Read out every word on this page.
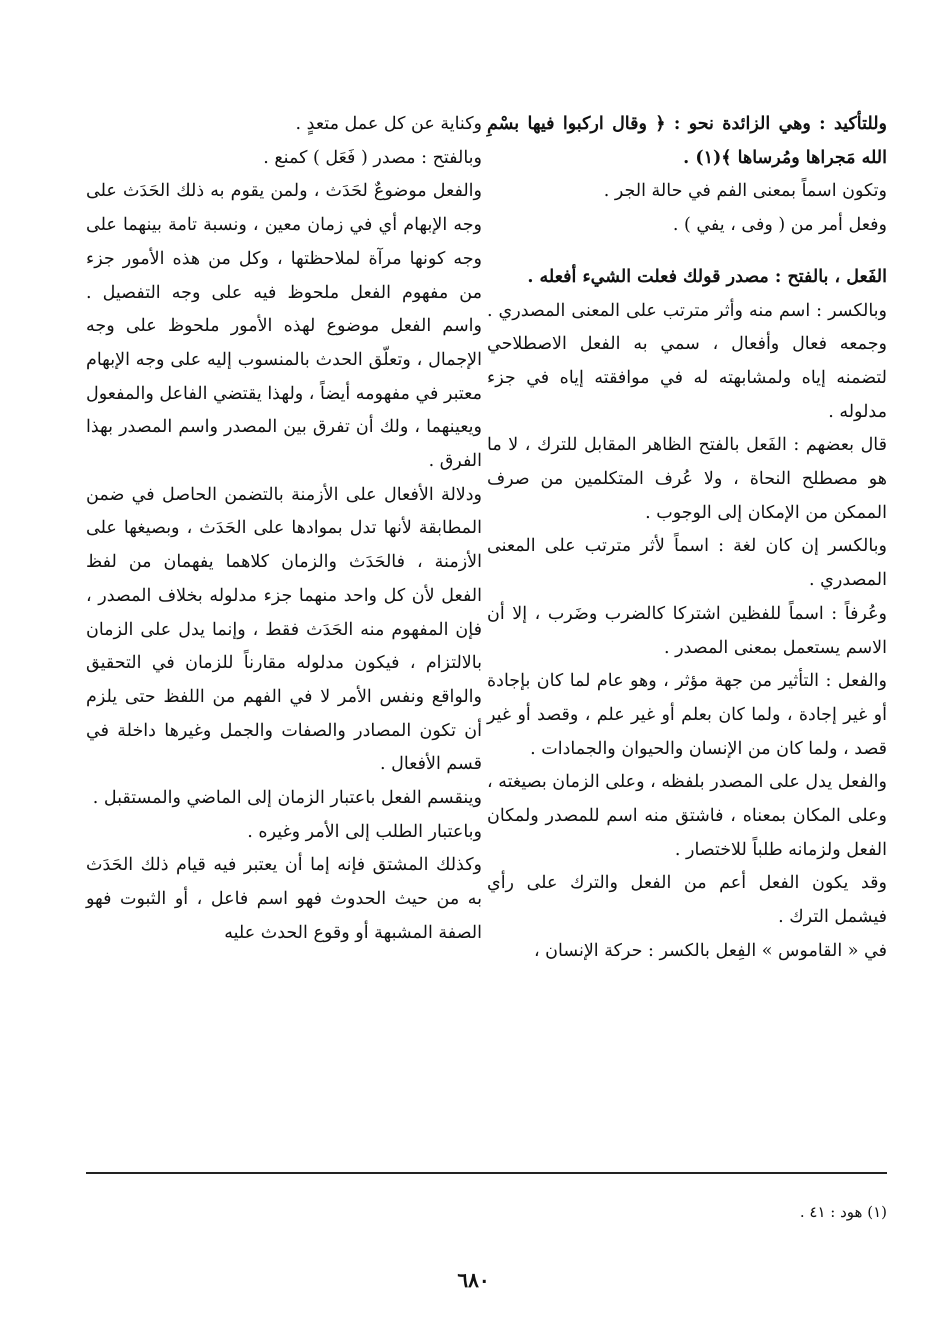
وللتأكيد : وهي الزائدة نحو : ﴿ وقال اركبوا فيها بسْمِ الله مَجراها ومُرساها ﴾(١) .

وتكون اسماً بمعنى الفم في حالة الجر .

وفعل أمر من ( وفى ، يفي ) .

الفَعل ، بالفتح : مصدر قولك فعلت الشيء أفعله .

وبالكسر : اسم منه وأثر مترتب على المعنى المصدري . وجمعه فعال وأفعال ، سمي به الفعل الاصطلاحي لتضمنه إياه ولمشابهته له في موافقته إياه في جزء مدلوله .

قال بعضهم : الفَعل بالفتح الظاهر المقابل للترك ، لا ما هو مصطلح النحاة ، ولا عُرف المتكلمين من صرف الممكن من الإمكان إلى الوجوب .

وبالكسر إن كان لغة : اسماً لأثر مترتب على المعنى المصدري .

وعُرفاً : اسماً للفظين اشتركا كالضرب وضَرب ، إلا أن الاسم يستعمل بمعنى المصدر .

والفعل : التأثير من جهة مؤثر ، وهو عام لما كان بإجادة أو غير إجادة ، ولما كان بعلم أو غير علم ، وقصد أو غير قصد ، ولما كان من الإنسان والحيوان والجمادات .

والفعل يدل على المصدر بلفظه ، وعلى الزمان بصيغته ، وعلى المكان بمعناه ، فاشتق منه اسم للمصدر ولمكان الفعل ولزمانه طلباً للاختصار .

وقد يكون الفعل أعم من الفعل والترك على رأي فيشمل الترك .

في « القاموس » الفِعل بالكسر : حركة الإنسان ،

وكناية عن كل عمل متعدٍ .

وبالفتح : مصدر ( فَعَل ) كمنع .

والفعل موضوعٌ لحَدَث ، ولمن يقوم به ذلك الحَدَث على وجه الإبهام أي في زمان معين ، ونسبة تامة بينهما على وجه كونها مرآة لملاحظتها ، وكل من هذه الأمور جزء من مفهوم الفعل ملحوظ فيه على وجه التفصيل . واسم الفعل موضوع لهذه الأمور ملحوظ على وجه الإجمال ، وتعلّق الحدث بالمنسوب إليه على وجه الإبهام معتبر في مفهومه أيضاً ، ولهذا يقتضي الفاعل والمفعول ويعينهما ، ولك أن تفرق بين المصدر واسم المصدر بهذا الفرق .

ودلالة الأفعال على الأزمنة بالتضمن الحاصل في ضمن المطابقة لأنها تدل بموادها على الحَدَث ، وبصيغها على الأزمنة ، فالحَدَث والزمان كلاهما يفهمان من لفظ الفعل لأن كل واحد منهما جزء مدلوله بخلاف المصدر ، فإن المفهوم منه الحَدَث فقط ، وإنما يدل على الزمان بالالتزام ، فيكون مدلوله مقارناً للزمان في التحقيق والواقع ونفس الأمر لا في الفهم من اللفظ حتى يلزم أن تكون المصادر والصفات والجمل وغيرها داخلة في قسم الأفعال .

وينقسم الفعل باعتبار الزمان إلى الماضي والمستقبل .

وباعتبار الطلب إلى الأمر وغيره .

وكذلك المشتق فإنه إما أن يعتبر فيه قيام ذلك الحَدَث به من حيث الحدوث فهو اسم فاعل ، أو الثبوت فهو الصفة المشبهة أو وقوع الحدث عليه

(١) هود : ٤١ .
٦٨٠
